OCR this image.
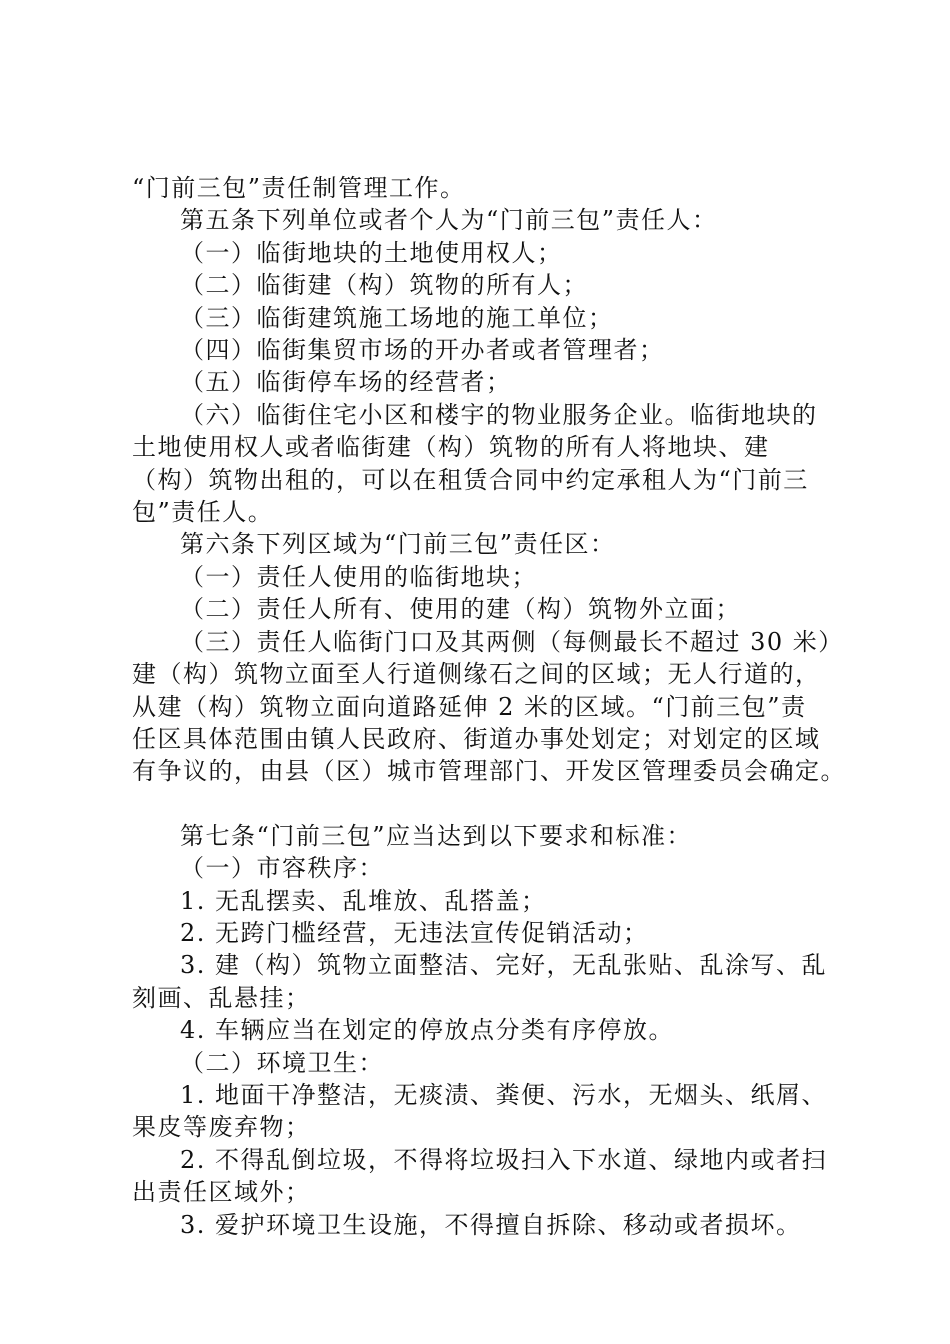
“门前三包”责任制管理工作。

第五条下列单位或者个人为“门前三包”责任人：

（一）临街地块的土地使用权人；

（二）临街建（构）筑物的所有人；

（三）临街建筑施工场地的施工单位；

（四）临街集贸市场的开办者或者管理者；

（五）临街停车场的经营者；

（六）临街住宅小区和楼宇的物业服务企业。临街地块的

土地使用权人或者临街建（构）筑物的所有人将地块、建

（构）筑物出租的，可以在租赁合同中约定承租人为“门前三

包”责任人。

第六条下列区域为“门前三包”责任区：

（一）责任人使用的临街地块；

（二）责任人所有、使用的建（构）筑物外立面；

（三）责任人临街门口及其两侧（每侧最长不超过 30 米）

建（构）筑物立面至人行道侧缘石之间的区域；无人行道的，

从建（构）筑物立面向道路延伸 2 米的区域。“门前三包”责

任区具体范围由镇人民政府、街道办事处划定；对划定的区域

有争议的，由县（区）城市管理部门、开发区管理委员会确定。

第七条“门前三包”应当达到以下要求和标准：

（一）市容秩序：

1. 无乱摆卖、乱堆放、乱搭盖；

2. 无跨门槛经营，无违法宣传促销活动；

3. 建（构）筑物立面整洁、完好，无乱张贴、乱涂写、乱

刻画、乱悬挂；

4. 车辆应当在划定的停放点分类有序停放。

（二）环境卫生：

1. 地面干净整洁，无痰渍、粪便、污水，无烟头、纸屑、

果皮等废弃物；

2. 不得乱倒垃圾，不得将垃圾扫入下水道、绿地内或者扫

出责任区域外；

3. 爱护环境卫生设施，不得擅自拆除、移动或者损坏。
